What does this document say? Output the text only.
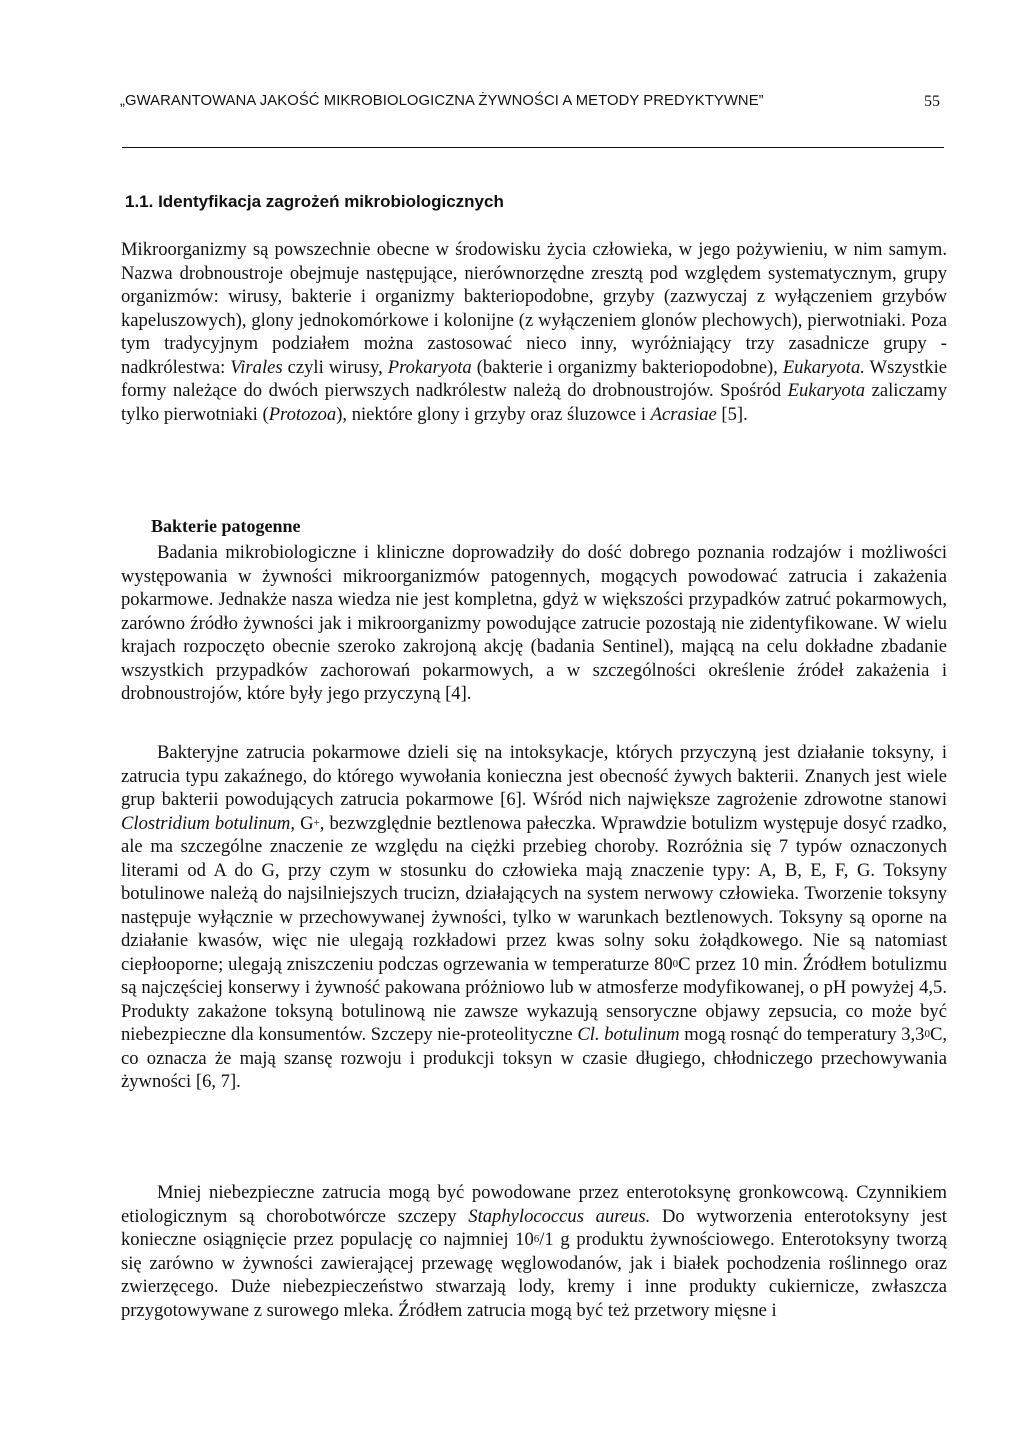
„GWARANTOWANA JAKOŚĆ MIKROBIOLOGICZNA ŻYWNOŚCI A METODY PREDYKTYWNE”	55
1.1. Identyfikacja zagrożeń mikrobiologicznych

Mikroorganizmy są powszechnie obecne w środowisku życia człowieka, w jego pożywieniu, w nim samym. Nazwa drobnoustroje obejmuje następujące, nierównorzędne zresztą pod względem systematycznym, grupy organizmów: wirusy, bakterie i organizmy bakteriopodobne, grzyby (zazwyczaj z wyłączeniem grzybów kapeluszowych), glony jednokomórkowe i kolonijne (z wyłączeniem glonów plechowych), pierwotniaki. Poza tym tradycyjnym podziałem można zastosować nieco inny, wyróżniający trzy zasadnicze grupy - nadkrólestwa: Virales czyli wirusy, Prokaryota (bakterie i organizmy bakteriopodobne), Eukaryota. Wszystkie formy należące do dwóch pierwszych nadkrólestw należą do drobnoustrojów. Spośród Eukaryota zaliczamy tylko pierwotniaki (Protozoa), niektóre glony i grzyby oraz śluzowce i Acrasiae [5].

Bakterie patogenne

Badania mikrobiologiczne i kliniczne doprowadziły do dość dobrego poznania rodzajów i możliwości występowania w żywności mikroorganizmów patogennych, mogących powodować zatrucia i zakażenia pokarmowe. Jednakże nasza wiedza nie jest kompletna, gdyż w większości przypadków zatruć pokarmowych, zarówno źródło żywności jak i mikroorganizmy powodujące zatrucie pozostają nie zidentyfikowane. W wielu krajach rozpoczęto obecnie szeroko zakrojoną akcję (badania Sentinel), mającą na celu dokładne zbadanie wszystkich przypadków zachorowań pokarmowych, a w szczególności określenie źródeł zakażenia i drobnoustrojów, które były jego przyczyną [4].

Bakteryjne zatrucia pokarmowe dzieli się na intoksykacje, których przyczyną jest działanie toksyny, i zatrucia typu zakaźnego, do którego wywołania konieczna jest obecność żywych bakterii. Znanych jest wiele grup bakterii powodujących zatrucia pokarmowe [6]. Wśród nich największe zagrożenie zdrowotne stanowi Clostridium botulinum, G+, bezwzględnie beztlenowa pałeczka. Wprawdzie botulizm występuje dosyć rzadko, ale ma szczególne znaczenie ze względu na ciężki przebieg choroby. Rozróżnia się 7 typów oznaczonych literami od A do G, przy czym w stosunku do człowieka mają znaczenie typy: A, B, E, F, G. Toksyny botulinowe należą do najsilniejszych trucizn, działających na system nerwowy człowieka. Tworzenie toksyny następuje wyłącznie w przechowywanej żywności, tylko w warunkach beztlenowych. Toksyny są oporne na działanie kwasów, więc nie ulegają rozkładowi przez kwas solny soku żołądkowego. Nie są natomiast ciepłooporne; ulegają zniszczeniu podczas ogrzewania w temperaturze $80^0C$ przez 10 min. Źródłem botulizmu są najczęściej konserwy i żywność pakowana próżniowo lub w atmosferze modyfikowanej, o pH powyżej 4,5. Produkty zakażone toksyną botulinową nie zawsze wykazują sensoryczne objawy zepsucia, co może być niebezpieczne dla konsumentów. Szczepy nie-proteolityczne Cl. botulinum mogą rosnąć do temperatury $3,3^0C$, co oznacza że mają szansę rozwoju i produkcji toksyn w czasie długiego, chłodniczego przechowywania żywności [6, 7].

Mniej niebezpieczne zatrucia mogą być powodowane przez enterotoksynę gronkowcową. Czynnikiem etiologicznym są chorobotwórcze szczepy Staphylococcus aureus. Do wytworzenia enterotoksyny jest konieczne osiągnięcie przez populację co najmniej $10^6/1$ g produktu żywnościowego. Enterotoksyny tworzą się zarówno w żywności zawierającej przewagę węglowodanów, jak i białek pochodzenia roślinnego oraz zwierzęcego. Duże niebezpieczeństwo stwarzają lody, kremy i inne produkty cukiernicze, zwłaszcza przygotowywane z surowego mleka. Źródłem zatrucia mogą być też przetwory mięsne i
